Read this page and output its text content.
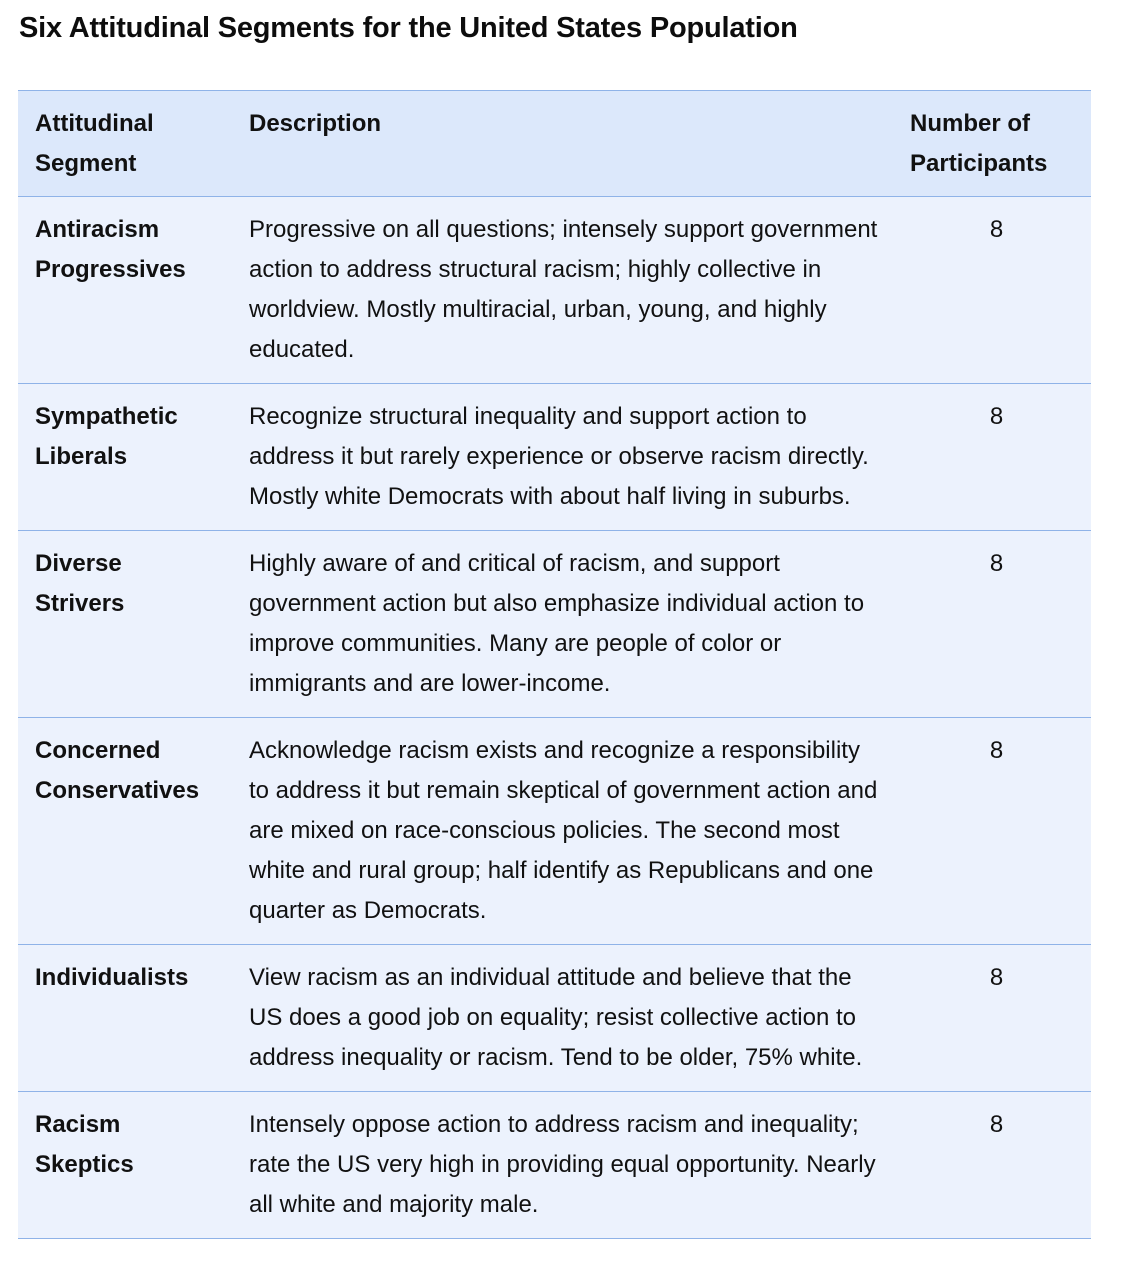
Six Attitudinal Segments for the United States Population
Attitudinal Segment	Description	Number of Participants
Antiracism Progressives	Progressive on all questions; intensely support government action to address structural racism; highly collective in worldview. Mostly multiracial, urban, young, and highly educated.	8
Sympathetic Liberals	Recognize structural inequality and support action to address it but rarely experience or observe racism directly. Mostly white Democrats with about half living in suburbs.	8
Diverse Strivers	Highly aware of and critical of racism, and support government action but also emphasize individual action to improve communities. Many are people of color or immigrants and are lower-income.	8
Concerned Conservatives	Acknowledge racism exists and recognize a responsibility to address it but remain skeptical of government action and are mixed on race-conscious policies. The second most white and rural group; half identify as Republicans and one quarter as Democrats.	8
Individualists	View racism as an individual attitude and believe that the US does a good job on equality; resist collective action to address inequality or racism. Tend to be older, 75% white.	8
Racism Skeptics	Intensely oppose action to address racism and inequality; rate the US very high in providing equal opportunity. Nearly all white and majority male.	8
